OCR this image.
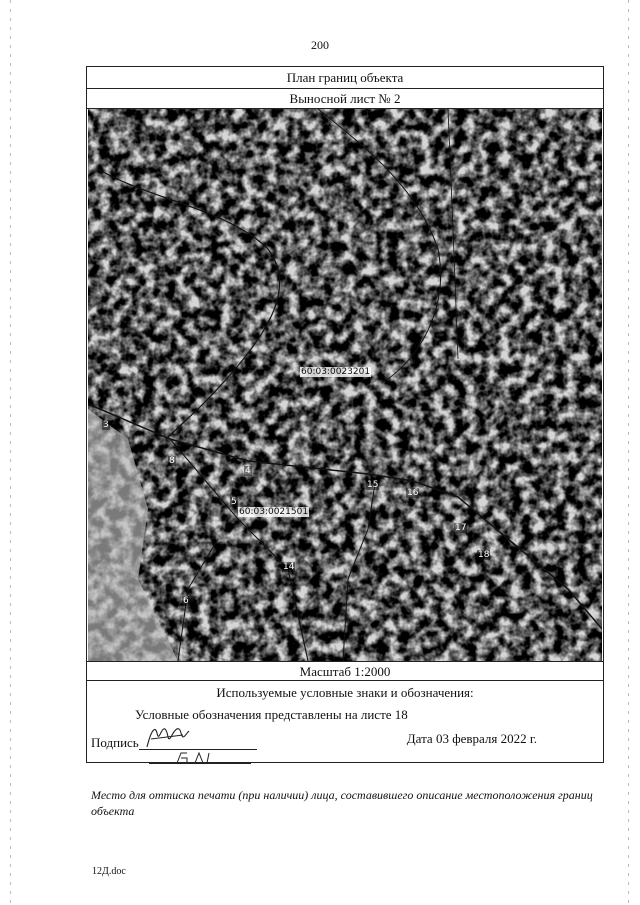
200
План границ объекта
Выносной лист № 2
60:03:0023201
60:03:0021501
3
8
4
5
15
16
17
18
14
6
Масштаб 1:2000
Используемые условные знаки и обозначения:
Условные обозначения представлены на листе 18
Подпись	Дата 03 февраля 2022 г.
Место для оттиска печати (при наличии) лица, составившего описание местоположения границ объекта
12Д.doc
